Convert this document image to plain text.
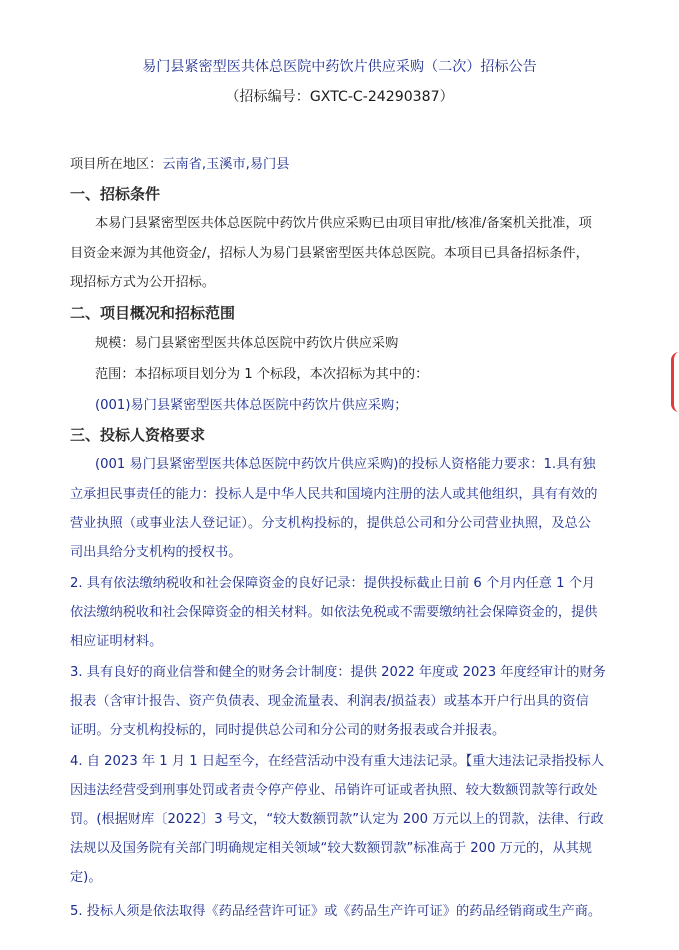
易门县紧密型医共体总医院中药饮片供应采购（二次）招标公告
（招标编号：GXTC-C-24290387）
项目所在地区：云南省,玉溪市,易门县
一、招标条件
本易门县紧密型医共体总医院中药饮片供应采购已由项目审批/核准/备案机关批准，项
目资金来源为其他资金/，招标人为易门县紧密型医共体总医院。本项目已具备招标条件，
现招标方式为公开招标。
二、项目概况和招标范围
规模：易门县紧密型医共体总医院中药饮片供应采购
范围：本招标项目划分为 1 个标段，本次招标为其中的：
(001)易门县紧密型医共体总医院中药饮片供应采购；
三、投标人资格要求
(001 易门县紧密型医共体总医院中药饮片供应采购)的投标人资格能力要求：1.具有独
立承担民事责任的能力：投标人是中华人民共和国境内注册的法人或其他组织，具有有效的
营业执照（或事业法人登记证）。分支机构投标的，提供总公司和分公司营业执照，及总公
司出具给分支机构的授权书。
2. 具有依法缴纳税收和社会保障资金的良好记录：提供投标截止日前 6 个月内任意 1 个月
依法缴纳税收和社会保障资金的相关材料。如依法免税或不需要缴纳社会保障资金的，提供
相应证明材料。
3. 具有良好的商业信誉和健全的财务会计制度：提供 2022 年度或 2023 年度经审计的财务
报表（含审计报告、资产负债表、现金流量表、利润表/损益表）或基本开户行出具的资信
证明。分支机构投标的，同时提供总公司和分公司的财务报表或合并报表。
4. 自 2023 年 1 月 1 日起至今，在经营活动中没有重大违法记录。【重大违法记录指投标人
因违法经营受到刑事处罚或者责令停产停业、吊销许可证或者执照、较大数额罚款等行政处
罚。(根据财库〔2022〕3 号文，“较大数额罚款”认定为 200 万元以上的罚款，法律、行政
法规以及国务院有关部门明确规定相关领域“较大数额罚款”标准高于 200 万元的，从其规
定)。
5. 投标人须是依法取得《药品经营许可证》或《药品生产许可证》的药品经销商或生产商。
